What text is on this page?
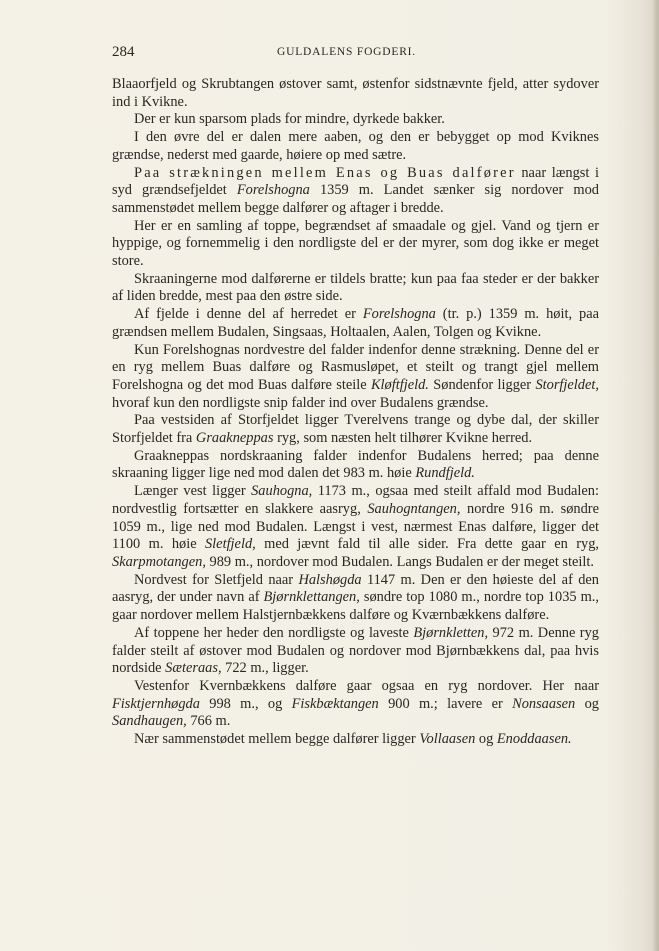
284	GULDALENS FOGDERI.

Blaaorfjeld og Skrubtangen østover samt, østenfor sidstnævnte fjeld, atter sydover ind i Kvikne.

Der er kun sparsom plads for mindre, dyrkede bakker.

I den øvre del er dalen mere aaben, og den er bebygget op mod Kviknes grændse, nederst med gaarde, høiere op med sætre.

Paa strækningen mellem Enas og Buas dalfører naar længst i syd grændsefjeldet Forelshogna 1359 m. Landet sænker sig nordover mod sammenstødet mellem begge dalfører og aftager i bredde.

Her er en samling af toppe, begrændset af smaadale og gjel. Vand og tjern er hyppige, og fornemmelig i den nordligste del er der myrer, som dog ikke er meget store.

Skraaningerne mod dalførerne er tildels bratte; kun paa faa steder er der bakker af liden bredde, mest paa den østre side.

Af fjelde i denne del af herredet er Forelshogna (tr. p.) 1359 m. høit, paa grændsen mellem Budalen, Singsaas, Holtaalen, Aalen, Tolgen og Kvikne.

Kun Forelshognas nordvestre del falder indenfor denne strækning. Denne del er en ryg mellem Buas dalføre og Rasmusløpet, et steilt og trangt gjel mellem Forelshogna og det mod Buas dalføre steile Kløftfjeld. Søndenfor ligger Storfjeldet, hvoraf kun den nordligste snip falder ind over Budalens grændse.

Paa vestsiden af Storfjeldet ligger Tverelvens trange og dybe dal, der skiller Storfjeldet fra Graakneppas ryg, som næsten helt tilhører Kvikne herred.

Graakneppas nordskraaning falder indenfor Budalens herred; paa denne skraaning ligger lige ned mod dalen det 983 m. høie Rundfjeld.

Længer vest ligger Sauhogna, 1173 m., ogsaa med steilt affald mod Budalen: nordvestlig fortsætter en slakkere aasryg, Sauhogntangen, nordre 916 m. søndre 1059 m., lige ned mod Budalen. Længst i vest, nærmest Enas dalføre, ligger det 1100 m. høie Sletfjeld, med jævnt fald til alle sider. Fra dette gaar en ryg, Skarpmotangen, 989 m., nordover mod Budalen. Langs Budalen er der meget steilt.

Nordvest for Sletfjeld naar Halshøgda 1147 m. Den er den høieste del af den aasryg, der under navn af Bjørnklettangen, søndre top 1080 m., nordre top 1035 m., gaar nordover mellem Halstjernbækkens dalføre og Kværnbækkens dalføre.

Af toppene her heder den nordligste og laveste Bjørnkletten, 972 m. Denne ryg falder steilt af østover mod Budalen og nordover mod Bjørnbækkens dal, paa hvis nordside Sæteraas, 722 m., ligger.

Vestenfor Kvernbækkens dalføre gaar ogsaa en ryg nordover. Her naar Fisktjernhøgda 998 m., og Fiskbæktangen 900 m.; lavere er Nonsaasen og Sandhaugen, 766 m.

Nær sammenstødet mellem begge dalfører ligger Vollaasen og Enoddaasen.
